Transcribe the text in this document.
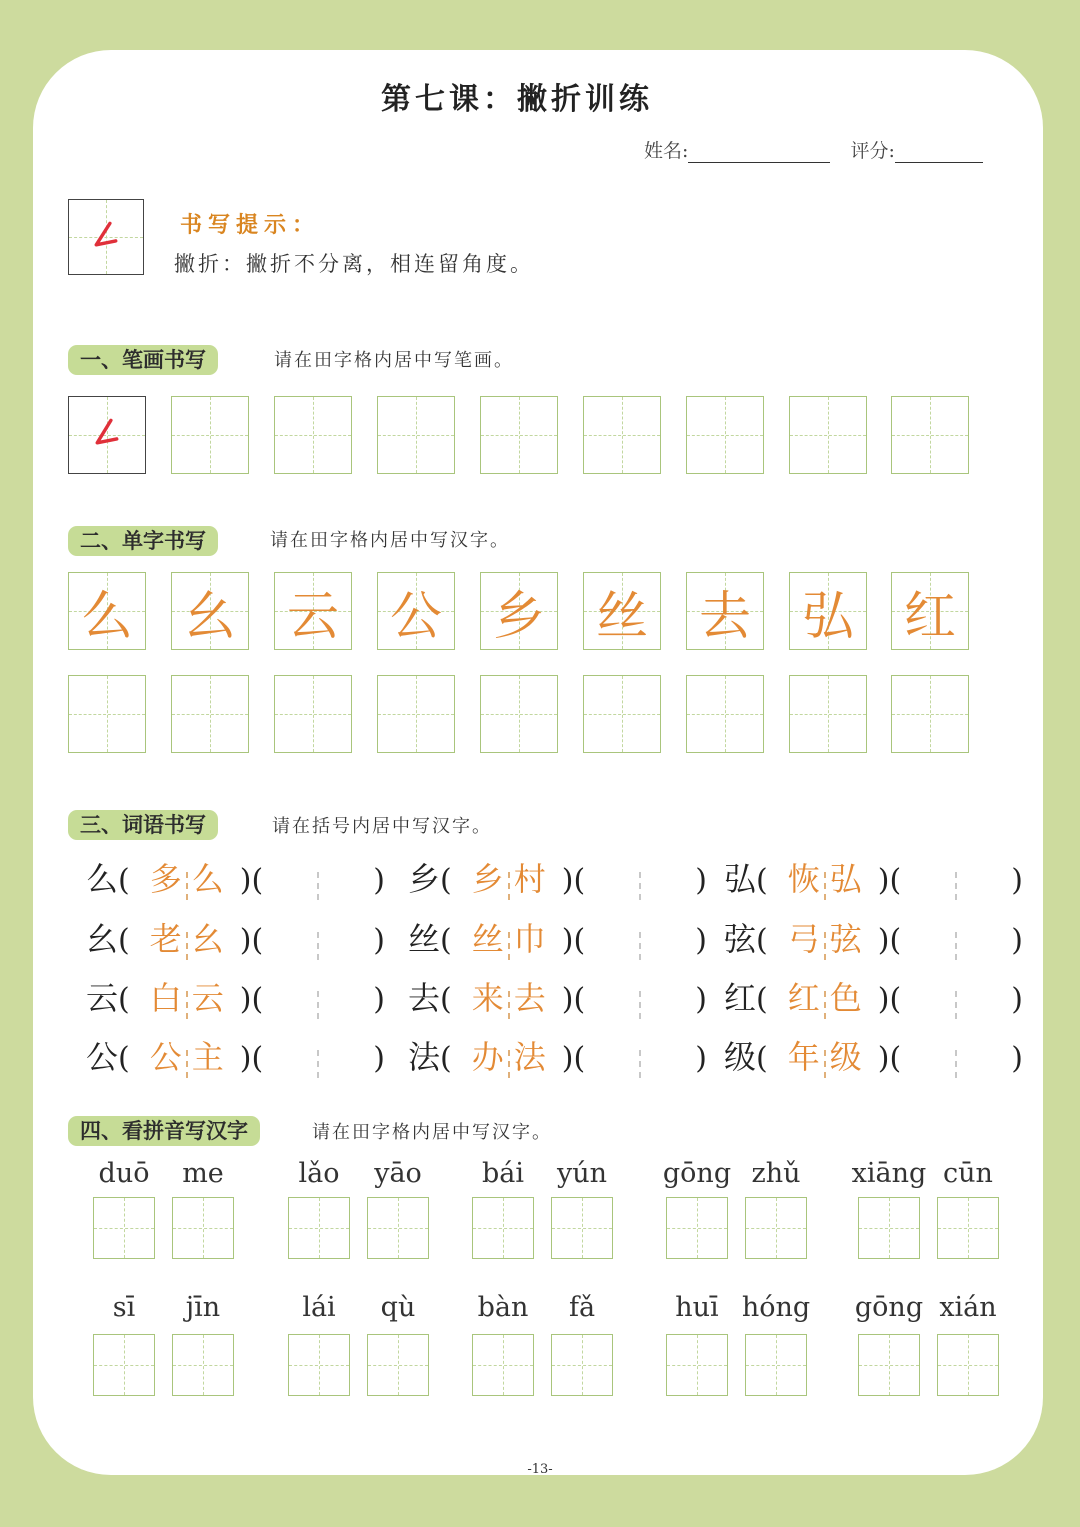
第七课：撇折训练
姓名:	评分:
书写提示：
撇折：撇折不分离，相连留角度。
一、笔画书写	请在田字格内居中写笔画。
二、单字书写	请在田字格内居中写汉字。
么 幺 云 公 乡 丝 去 弘 红
三、词语书写	请在括号内居中写汉字。
么( 多 么 )(	) 乡( 乡 村 )(	) 弘( 恢 弘 )(	)
幺( 老 幺 )(	) 丝( 丝 巾 )(	) 弦( 弓 弦 )(	)
云( 白 云 )(	) 去( 来 去 )(	) 红( 红 色 )(	)
公( 公 主 )(	) 法( 办 法 )(	) 级( 年 级 )(	)
四、看拼音写汉字	请在田字格内居中写汉字。
duō	me	lǎo	yāo	bái	yún	gōng zhǔ	xiāng cūn
sī	jīn	lái	qù	bàn	fǎ	huī hóng gōng xián
-13-
